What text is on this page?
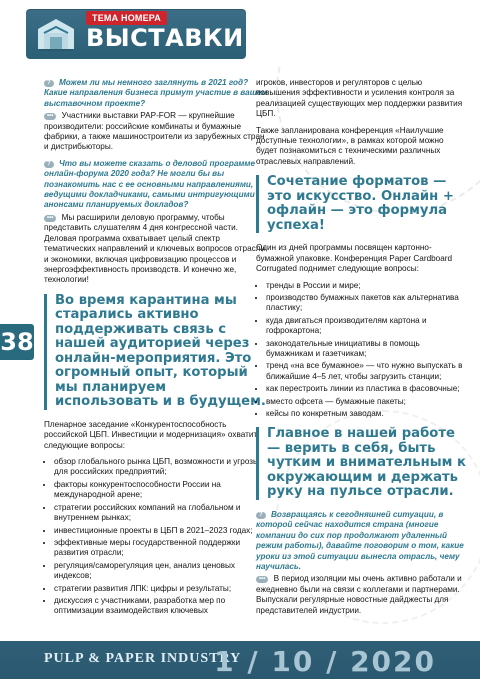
ТЕМА НОМЕРА
ВЫСТАВКИ
38
? Можем ли мы немного заглянуть в 2021 год? Какие направления бизнеса примут участие в вашем выставочном проекте?
••• Участники выставки PAP-FOR — крупнейшие производители: российские комбинаты и бумажные фабрики, а также машиностроители из зарубежных стран и дистрибьюторы.
? Что вы можете сказать о деловой программе онлайн-форума 2020 года? Не могли бы вы познакомить нас с ее основными направлениями, ведущими докладчиками, самыми интригующими анонсами планируемых докладов?
••• Мы расширили деловую программу, чтобы представить слушателям 4 дня конгрессной части. Деловая программа охватывает целый спектр тематических направлений и ключевых вопросов отрасли и экономики, включая цифровизацию процессов и энергоэффективность производств. И конечно же, технологии!
Во время карантина мы старались активно поддерживать связь с нашей аудиторией через онлайн-мероприятия. Это огромный опыт, который мы планируем использовать и в будущем.
Пленарное заседание «Конкурентоспособность российской ЦБП. Инвестиции и модернизация» охватит следующие вопросы:
• обзор глобального рынка ЦБП, возможности и угрозы для российских предприятий;
• факторы конкурентоспособности России на международной арене;
• стратегии российских компаний на глобальном и внутреннем рынках;
• инвестиционные проекты в ЦБП в 2021–2023 годах;
• эффективные меры государственной поддержки развития отрасли;
• регуляция/саморегуляция цен, анализ ценовых индексов;
• стратегии развития ЛПК: цифры и результаты;
• дискуссия с участниками, разработка мер по оптимизации взаимодействия ключевых
игроков, инвесторов и регуляторов с целью повышения эффективности и усиления контроля за реализацией существующих мер поддержки развития ЦБП.
Также запланирована конференция «Наилучшие доступные технологии», в рамках которой можно будет познакомиться с техническими различных отраслевых направлений.
Сочетание форматов — это искусство. Онлайн + офлайн — это формула успеха!
Один из дней программы посвящен картонно-бумажной упаковке. Конференция Paper Cardboard Corrugated поднимет следующие вопросы:
• тренды в России и мире;
• производство бумажных пакетов как альтернатива пластику;
• куда двигаться производителям картона и гофрокартона;
• законодательные инициативы в помощь бумажникам и газетчикам;
• тренд «на все бумажное» — что нужно выпускать в ближайшие 4–5 лет, чтобы загрузить станции;
• как перестроить линии из пластика в фасовочные;
• вместо офсета — бумажные пакеты;
• кейсы по конкретным заводам.
Главное в нашей работе — верить в себя, быть чутким и внимательным к окружающим и держать руку на пульсе отрасли.
? Возвращаясь к сегодняшней ситуации, в которой сейчас находится страна (многие компании до сих пор продолжают удаленный режим работы), давайте поговорим о том, какие уроки из этой ситуации вынесла отрасль, чему научилась.
••• В период изоляции мы очень активно работали и ежедневно были на связи с коллегами и партнерами. Выпускали регулярные новостные дайджесты для представителей индустрии.
PULP & PAPER INDUSTRY
1 / 10 / 2020
